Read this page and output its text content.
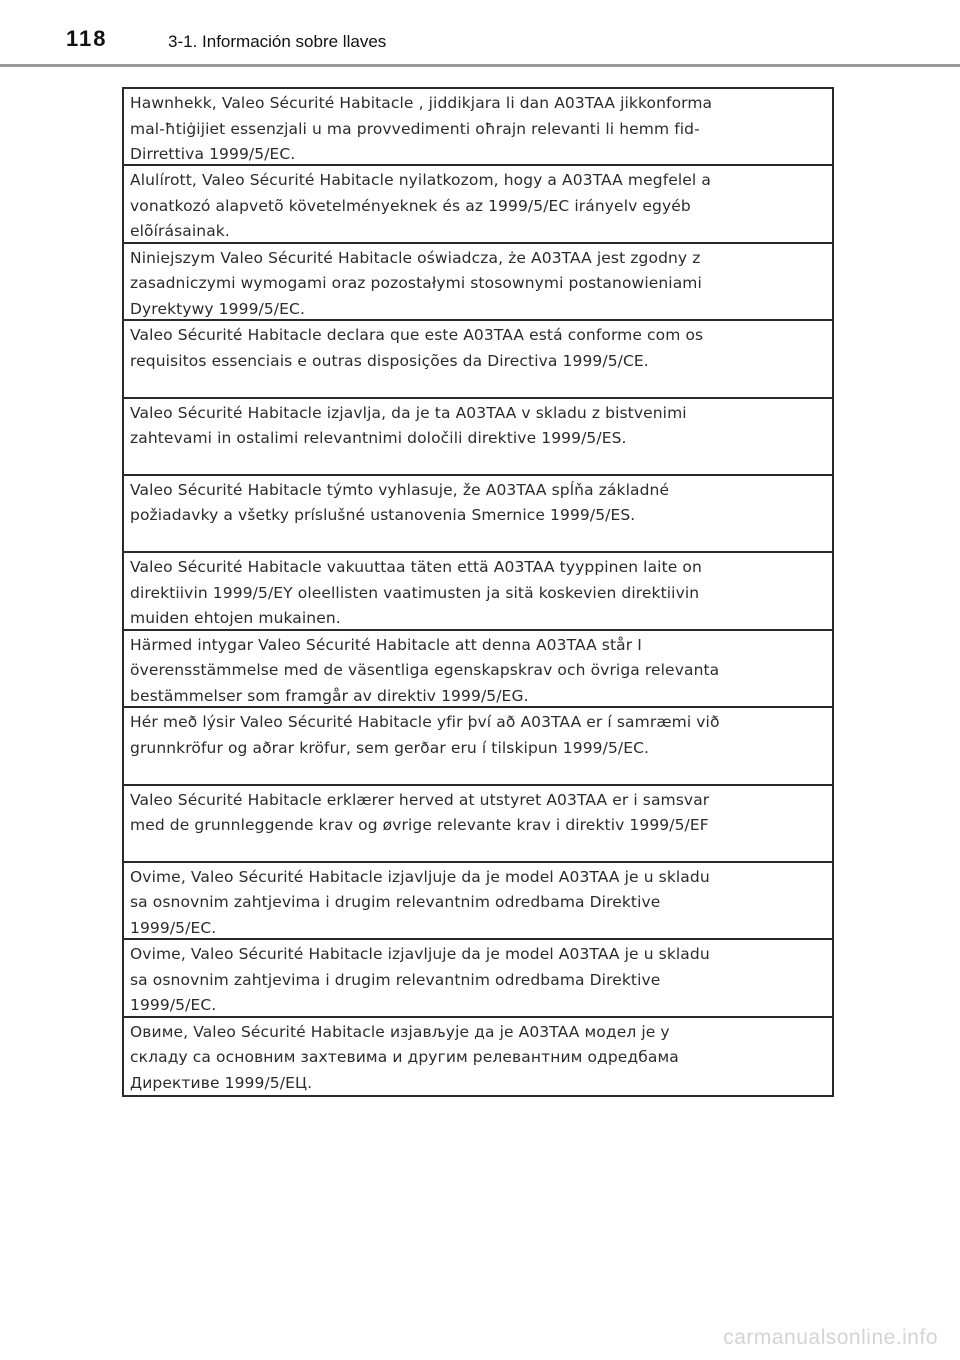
118	3-1. Información sobre llaves
Hawnhekk, Valeo Sécurité Habitacle , jiddikjara li dan A03TAA jikkonforma
mal-ħtiġijiet essenzjali u ma provvedimenti oħrajn relevanti li hemm fid-
Dirrettiva 1999/5/EC.
Alulírott, Valeo Sécurité Habitacle nyilatkozom, hogy a A03TAA megfelel a
vonatkozó alapvetõ követelményeknek és az 1999/5/EC irányelv egyéb
elõírásainak.
Niniejszym Valeo Sécurité Habitacle oświadcza, że A03TAA jest zgodny z
zasadniczymi wymogami oraz pozostałymi stosownymi postanowieniami
Dyrektywy 1999/5/EC.
Valeo Sécurité Habitacle declara que este A03TAA está conforme com os
requisitos essenciais e outras disposições da Directiva 1999/5/CE.
Valeo Sécurité Habitacle izjavlja, da je ta A03TAA v skladu z bistvenimi
zahtevami in ostalimi relevantnimi določili direktive 1999/5/ES.
Valeo Sécurité Habitacle týmto vyhlasuje, že A03TAA spĺňa základné
požiadavky a všetky príslušné ustanovenia Smernice 1999/5/ES.
Valeo Sécurité Habitacle vakuuttaa täten että A03TAA tyyppinen laite on
direktiivin 1999/5/EY oleellisten vaatimusten ja sitä koskevien direktiivin
muiden ehtojen mukainen.
Härmed intygar Valeo Sécurité Habitacle att denna A03TAA står I
överensstämmelse med de väsentliga egenskapskrav och övriga relevanta
bestämmelser som framgår av direktiv 1999/5/EG.
Hér með lýsir Valeo Sécurité Habitacle yfir því að A03TAA er í samræmi við
grunnkröfur og aðrar kröfur, sem gerðar eru í tilskipun 1999/5/EC.
Valeo Sécurité Habitacle erklærer herved at utstyret A03TAA er i samsvar
med de grunnleggende krav og øvrige relevante krav i direktiv 1999/5/EF
Ovime, Valeo Sécurité Habitacle izjavljuje da je model A03TAA je u skladu
sa osnovnim zahtjevima i drugim relevantnim odredbama Direktive
1999/5/EC.
Ovime, Valeo Sécurité Habitacle izjavljuje da je model A03TAA je u skladu
sa osnovnim zahtjevima i drugim relevantnim odredbama Direktive
1999/5/EC.
Овиме, Valeo Sécurité Habitacle изјављује да је A03TAA модел је у
складу са основним захтевима и другим релевантним одредбама
Директиве 1999/5/ЕЦ.
carmanualsonline.info
